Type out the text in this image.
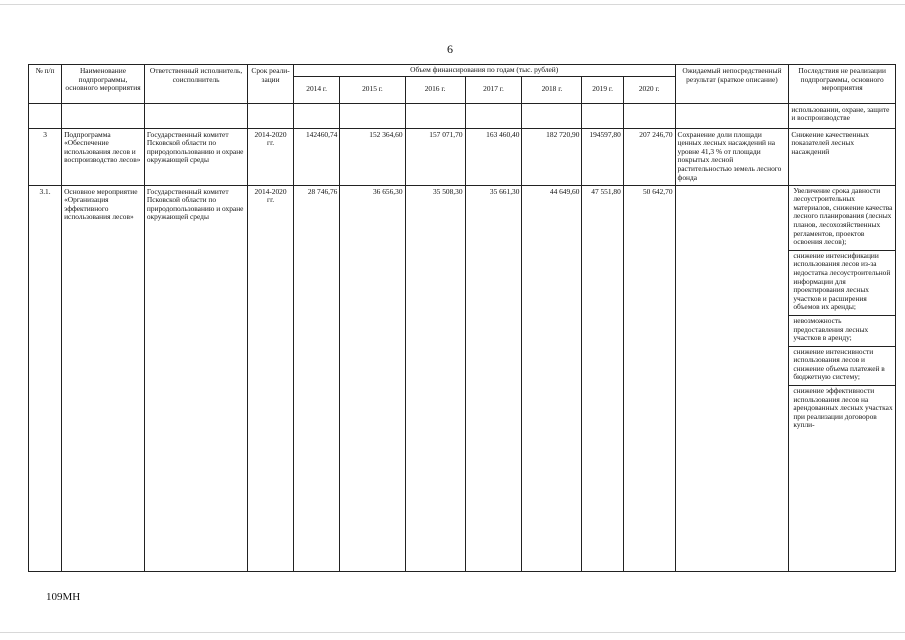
6
№ п/п	Наименование подпрограммы, основного мероприятия	Ответственный исполнитель, соисполнитель	Срок реали- зации	Объем финансирования по годам (тыс. рублей)							Ожидаемый непосредственный результат (краткое описание)	Последствия не реализации подпрограммы, основного мероприятия
				2014 г.	2015 г.	2016 г.	2017 г.	2018 г.	2019 г.	2020 г.		
												использовании, охране, защите и воспроизводстве
3	Подпрограмма «Обеспечение использования лесов и воспроизводство лесов»	Государственный комитет Псковской области по природопользованию и охране окружающей среды	2014-2020 гг.	142460,74	152 364,60	157 071,70	163 460,40	182 720,90	194597,80	207 246,70	Сохранение доли площади ценных лесных насаждений на уровне 41,3 % от площади покрытых лесной растительностью земель лесного фонда	Снижение качественных показателей лесных насаждений
3.1.	Основное мероприятие «Организация эффективного использования лесов»	Государственный комитет Псковской области по природопользованию и охране окружающей среды	2014-2020 гг.	28 746,76	36 656,30	35 508,30	35 661,30	44 649,60	47 551,80	50 642,70		Увеличение срока давности лесоустроительных материалов, снижение качества лесного планирования (лесных планов, лесохозяйственных регламентов, проектов освоения лесов);
снижение интенсификации использования лесов из-за недостатка лесоустроительной информации для проектирования лесных участков и расширения объемов их аренды;
невозможность предоставления лесных участков в аренду;
снижение интенсивности использования лесов и снижение объема платежей в бюджетную систему;
снижение эффективности использования лесов на арендованных лесных участках при реализации договоров купли-
109МН
